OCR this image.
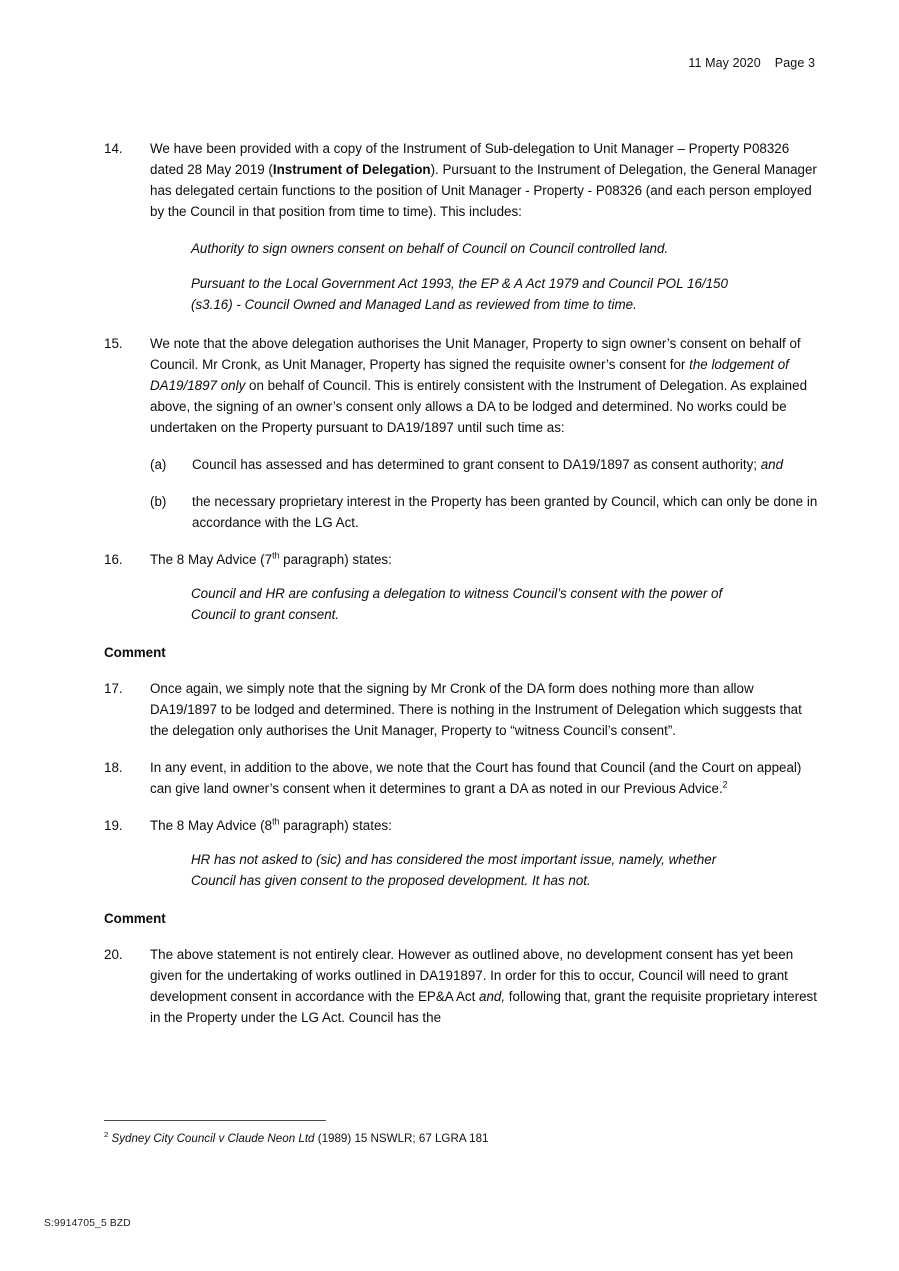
11 May 2020 Page 3
14.	We have been provided with a copy of the Instrument of Sub-delegation to Unit Manager – Property P08326 dated 28 May 2019 (Instrument of Delegation). Pursuant to the Instrument of Delegation, the General Manager has delegated certain functions to the position of Unit Manager - Property - P08326 (and each person employed by the Council in that position from time to time). This includes:
Authority to sign owners consent on behalf of Council on Council controlled land.
Pursuant to the Local Government Act 1993, the EP & A Act 1979 and Council POL 16/150 (s3.16) - Council Owned and Managed Land as reviewed from time to time.
15.	We note that the above delegation authorises the Unit Manager, Property to sign owner’s consent on behalf of Council. Mr Cronk, as Unit Manager, Property has signed the requisite owner’s consent for the lodgement of DA19/1897 only on behalf of Council. This is entirely consistent with the Instrument of Delegation. As explained above, the signing of an owner’s consent only allows a DA to be lodged and determined. No works could be undertaken on the Property pursuant to DA19/1897 until such time as:
(a)	Council has assessed and has determined to grant consent to DA19/1897 as consent authority; and
(b)	the necessary proprietary interest in the Property has been granted by Council, which can only be done in accordance with the LG Act.
16.	The 8 May Advice (7th paragraph) states:
Council and HR are confusing a delegation to witness Council’s consent with the power of Council to grant consent.
Comment
17.	Once again, we simply note that the signing by Mr Cronk of the DA form does nothing more than allow DA19/1897 to be lodged and determined. There is nothing in the Instrument of Delegation which suggests that the delegation only authorises the Unit Manager, Property to “witness Council’s consent”.
18.	In any event, in addition to the above, we note that the Court has found that Council (and the Court on appeal) can give land owner’s consent when it determines to grant a DA as noted in our Previous Advice.$^2$
19.	The 8 May Advice (8th paragraph) states:
HR has not asked to (sic) and has considered the most important issue, namely, whether Council has given consent to the proposed development. It has not.
Comment
20.	The above statement is not entirely clear. However as outlined above, no development consent has yet been given for the undertaking of works outlined in DA191897. In order for this to occur, Council will need to grant development consent in accordance with the EP&A Act and, following that, grant the requisite proprietary interest in the Property under the LG Act. Council has the
$^2$ Sydney City Council v Claude Neon Ltd (1989) 15 NSWLR; 67 LGRA 181
S:9914705_5 BZD
